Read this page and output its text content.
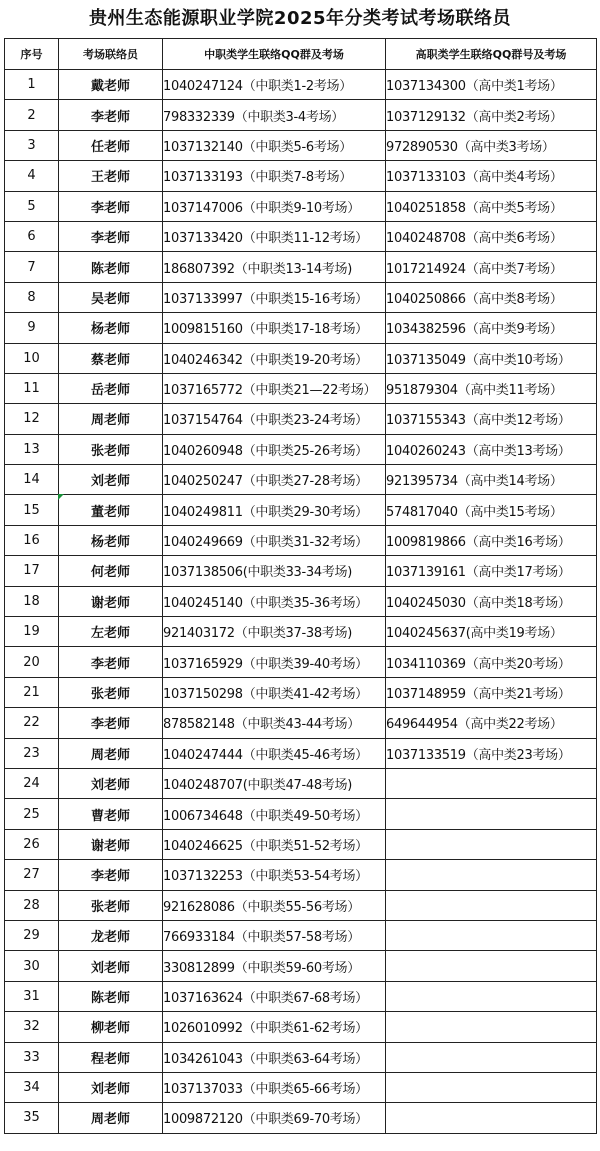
贵州生态能源职业学院2025年分类考试考场联络员
序号	考场联络员	中职类学生联络QQ群及考场	高职类学生联络QQ群号及考场
1	戴老师	1040247124（中职类1-2考场）	1037134300（高中类1考场）
2	李老师	798332339（中职类3-4考场）	1037129132（高中类2考场）
3	任老师	1037132140（中职类5-6考场）	972890530（高中类3考场）
4	王老师	1037133193（中职类7-8考场）	1037133103（高中类4考场）
5	李老师	1037147006（中职类9-10考场）	1040251858（高中类5考场）
6	李老师	1037133420（中职类11-12考场）	1040248708（高中类6考场）
7	陈老师	186807392（中职类13-14考场)	1017214924（高中类7考场）
8	吴老师	1037133997（中职类15-16考场）	1040250866（高中类8考场）
9	杨老师	1009815160（中职类17-18考场）	1034382596（高中类9考场）
10	蔡老师	1040246342（中职类19-20考场）	1037135049（高中类10考场）
11	岳老师	1037165772（中职类21—22考场）	951879304（高中类11考场）
12	周老师	1037154764（中职类23-24考场）	1037155343（高中类12考场）
13	张老师	1040260948（中职类25-26考场）	1040260243（高中类13考场）
14	刘老师	1040250247（中职类27-28考场）	921395734（高中类14考场）
15	董老师	1040249811（中职类29-30考场）	574817040（高中类15考场）
16	杨老师	1040249669（中职类31-32考场）	1009819866（高中类16考场）
17	何老师	1037138506(中职类33-34考场)	1037139161（高中类17考场）
18	谢老师	1040245140（中职类35-36考场）	1040245030（高中类18考场）
19	左老师	921403172（中职类37-38考场)	1040245637(高中类19考场）
20	李老师	1037165929（中职类39-40考场）	1034110369（高中类20考场）
21	张老师	1037150298（中职类41-42考场）	1037148959（高中类21考场）
22	李老师	878582148（中职类43-44考场）	649644954（高中类22考场）
23	周老师	1040247444（中职类45-46考场）	1037133519（高中类23考场）
24	刘老师	1040248707(中职类47-48考场)	
25	曹老师	1006734648（中职类49-50考场）	
26	谢老师	1040246625（中职类51-52考场）	
27	李老师	1037132253（中职类53-54考场）	
28	张老师	921628086（中职类55-56考场）	
29	龙老师	766933184（中职类57-58考场）	
30	刘老师	330812899（中职类59-60考场）	
31	陈老师	1037163624（中职类67-68考场）	
32	柳老师	1026010992（中职类61-62考场）	
33	程老师	1034261043（中职类63-64考场）	
34	刘老师	1037137033（中职类65-66考场）	
35	周老师	1009872120（中职类69-70考场）	
